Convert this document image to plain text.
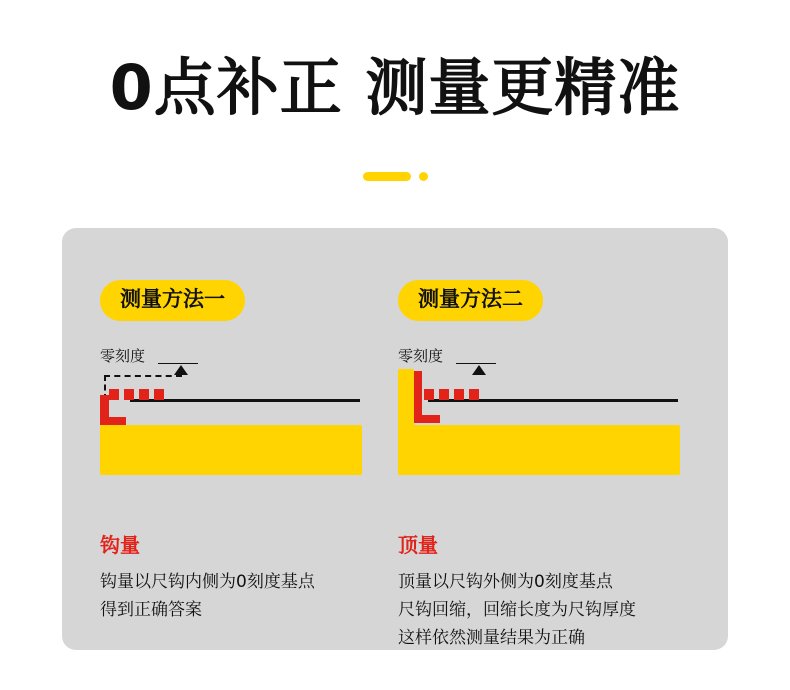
0点补正 测量更精准
测量方法一
零刻度
钩量
钩量以尺钩内侧为0刻度基点
得到正确答案
测量方法二
零刻度
顶量
顶量以尺钩外侧为0刻度基点
尺钩回缩，回缩长度为尺钩厚度
这样依然测量结果为正确
